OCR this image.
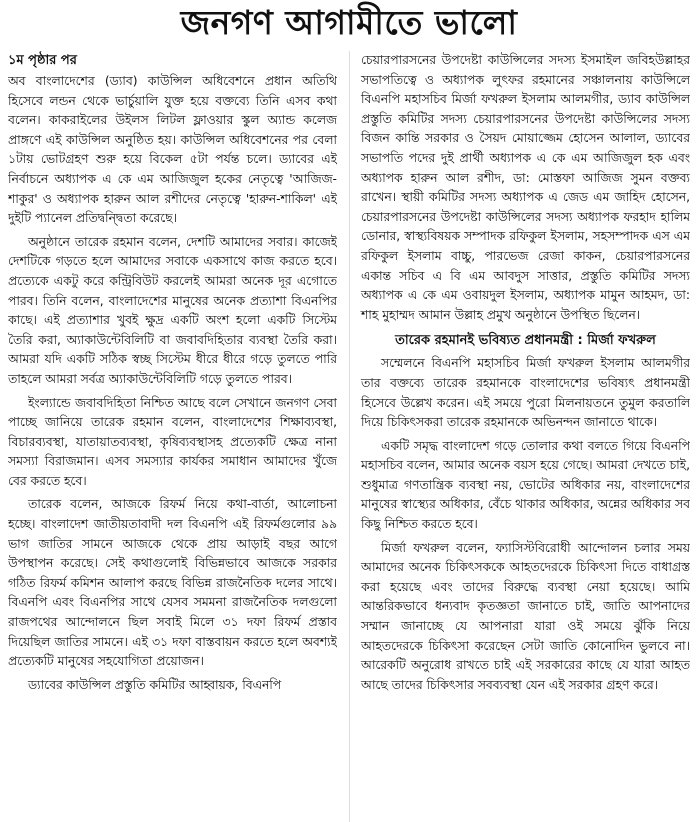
জনগণ আগামীতে ভালো

১ম পৃষ্ঠার পর
অব বাংলাদেশের (ড্যাব) কাউন্সিল অধিবেশনে প্রধান অতিথি হিসেবে লন্ডন থেকে ভার্চুয়ালি যুক্ত হয়ে বক্তব্যে তিনি এসব কথা বলেন। কাকরাইলের উইলস লিটল ফ্লাওয়ার স্কুল অ্যান্ড কলেজ প্রাঙ্গণে এই কাউন্সিল অনুষ্ঠিত হয়। কাউন্সিল অধিবেশনের পর বেলা ১টায় ভোটগ্রহণ শুরু হয়ে বিকেল ৫টা পর্যন্ত চলে। ড্যাবের এই নির্বাচনে অধ্যাপক এ কে এম আজিজুল হকের নেতৃত্বে 'আজিজ-শাকুর' ও অধ্যাপক হারুন আল রশীদের নেতৃত্বে 'হারুন-শাকিল' এই দুইটি প্যানেল প্রতিদ্বন্দ্বিতা করেছে।

অনুষ্ঠানে তারেক রহমান বলেন, দেশটি আমাদের সবার। কাজেই দেশটিকে গড়তে হলে আমাদের সবাকে একসাথে কাজ করতে হবে। প্রত্যেকে একটু করে কন্ট্রিবিউট করলেই আমরা অনেক দূর এগোতে পারব। তিনি বলেন, বাংলাদেশের মানুষের অনেক প্রত্যাশা বিএনপির কাছে। এই প্রত্যাশার খুবই ক্ষুদ্র একটি অংশ হলো একটি সিস্টেম তৈরি করা, অ্যাকাউন্টেবিলিটি বা জবাবদিহিতার ব্যবস্থা তৈরি করা। আমরা যদি একটি সঠিক স্বচ্ছ সিস্টেম ধীরে ধীরে গড়ে তুলতে পারি তাহলে আমরা সর্বত্র অ্যাকাউন্টেবিলিটি গড়ে তুলতে পারব।

ইংল্যান্ডে জবাবদিহিতা নিশ্চিত আছে বলে সেখানে জনগণ সেবা পাচ্ছে জানিয়ে তারেক রহমান বলেন, বাংলাদেশের শিক্ষাব্যবস্থা, বিচারব্যবস্থা, যাতায়াতব্যবস্থা, কৃষিব্যবস্থাসহ প্রত্যেকটি ক্ষেত্র নানা সমস্যা বিরাজমান। এসব সমস্যার কার্যকর সমাধান আমাদের খুঁজে বের করতে হবে।

তারেক বলেন, আজকে রিফর্ম নিয়ে কথা-বার্তা, আলোচনা হচ্ছে। বাংলাদেশ জাতীয়তাবাদী দল বিএনপি এই রিফর্মগুলোর ৯৯ ভাগ জাতির সামনে আজকে থেকে প্রায় আড়াই বছর আগে উপস্থাপন করেছে। সেই কথাগুলোই বিভিন্নভাবে আজকে সরকার গঠিত রিফর্ম কমিশন আলাপ করছে বিভিন্ন রাজনৈতিক দলের সাথে। বিএনপি এবং বিএনপির সাথে যেসব সমমনা রাজনৈতিক দলগুলো রাজপথের আন্দোলনে ছিল সবাই মিলে ৩১ দফা রিফর্ম প্রস্তাব দিয়েছিল জাতির সামনে। এই ৩১ দফা বাস্তবায়ন করতে হলে অবশ্যই প্রত্যেকটি মানুষের সহযোগিতা প্রয়োজন।

ড্যাবের কাউন্সিল প্রস্তুতি কমিটির আহ্বায়ক, বিএনপি

চেয়ারপারসনের উপদেষ্টা কাউন্সিলের সদস্য ইসমাইল জবিহউল্লাহর সভাপতিত্বে ও অধ্যাপক লুৎফর রহমানের সঞ্চালনায় কাউন্সিলে বিএনপি মহাসচিব মির্জা ফখরুল ইসলাম আলমগীর, ড্যাব কাউন্সিল প্রস্তুতি কমিটির সদস্য চেয়ারপারসনের উপদেষ্টা কাউন্সিলের সদস্য বিজন কান্তি সরকার ও সৈয়দ মোয়াজ্জেম হোসেন আলাল, ড্যাবের সভাপতি পদের দুই প্রার্থী অধ্যাপক এ কে এম আজিজুল হক এবং অধ্যাপক হারুন আল রশীদ, ডা: মোস্তফা আজিজ সুমন বক্তব্য রাখেন। স্থায়ী কমিটির সদস্য অধ্যাপক এ জেড এম জাহিদ হোসেন, চেয়ারপারসনের উপদেষ্টা কাউন্সিলের সদস্য অধ্যাপক ফরহাদ হালিম ডোনার, স্বাস্থ্যবিষয়ক সম্পাদক রফিকুল ইসলাম, সহসম্পাদক এস এম রফিকুল ইসলাম বাচ্চু, পারভেজ রেজা কাকন, চেয়ারপারসনের একান্ত সচিব এ বি এম আবদুস সাত্তার, প্রস্তুতি কমিটির সদস্য অধ্যাপক এ কে এম ওবায়দুল ইসলাম, অধ্যাপক মামুন আহমদ, ডা: শাহ মুহাম্মদ আমান উল্লাহ প্রমুখ অনুষ্ঠানে উপস্থিত ছিলেন।

তারেক রহমানই ভবিষ্যত প্রধানমন্ত্রী : মির্জা ফখরুল

সম্মেলনে বিএনপি মহাসচিব মির্জা ফখরুল ইসলাম আলমগীর তার বক্তব্যে তারেক রহমানকে বাংলাদেশের ভবিষ্যৎ প্রধানমন্ত্রী হিসেবে উল্লেখ করেন। এই সময়ে পুরো মিলনায়তনে তুমুল করতালি দিয়ে চিকিৎসকরা তারেক রহমানকে অভিনন্দন জানাতে থাকে।

একটি সমৃদ্ধ বাংলাদেশ গড়ে তোলার কথা বলতে গিয়ে বিএনপি মহাসচিব বলেন, আমার অনেক বয়স হয়ে গেছে। আমরা দেখতে চাই, শুধুমাত্র গণতান্ত্রিক ব্যবস্থা নয়, ভোটের অধিকার নয়, বাংলাদেশের মানুষের স্বাস্থ্যের অধিকার, বেঁচে থাকার অধিকার, অন্নের অধিকার সব কিছু নিশ্চিত করতে হবে।

মির্জা ফখরুল বলেন, ফ্যাসিস্টবিরোধী আন্দোলন চলার সময় আমাদের অনেক চিকিৎসককে আহতদেরকে চিকিৎসা দিতে বাধাগ্রস্ত করা হয়েছে এবং তাদের বিরুদ্ধে ব্যবস্থা নেয়া হয়েছে। আমি আন্তরিকভাবে ধন্যবাদ কৃতজ্ঞতা জানাতে চাই, জাতি আপনাদের সম্মান জানাচ্ছে যে আপনারা যারা ওই সময়ে ঝুঁকি নিয়ে আহতদেরকে চিকিৎসা করেছেন সেটা জাতি কোনোদিন ভুলবে না। আরেকটি অনুরোধ রাখতে চাই এই সরকারের কাছে যে যারা আহত আছে তাদের চিকিৎসার সবব্যবস্থা যেন এই সরকার গ্রহণ করে।
